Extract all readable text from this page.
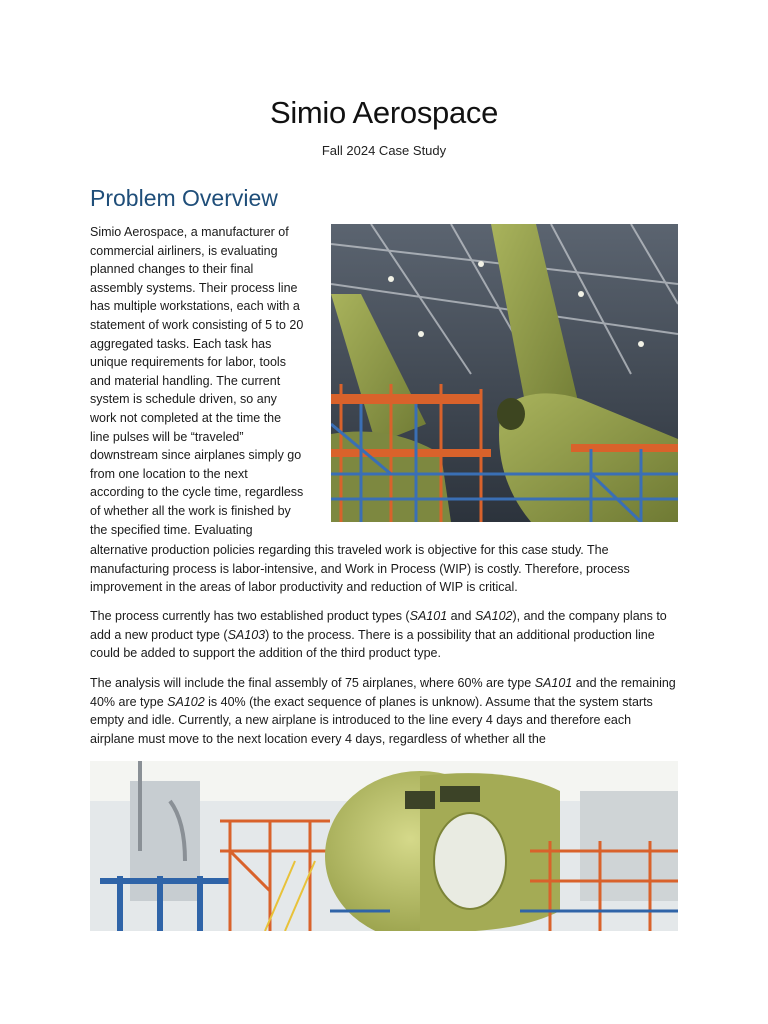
Simio Aerospace
Fall 2024 Case Study
Problem Overview
Simio Aerospace, a manufacturer of
commercial airliners, is evaluating
planned changes to their final
assembly systems. Their process line
has multiple workstations, each with a
statement of work consisting of 5 to 20
aggregated tasks. Each task has
unique requirements for labor, tools
and material handling. The current
system is schedule driven, so any
work not completed at the time the
line pulses will be “traveled”
downstream since airplanes simply go
from one location to the next
according to the cycle time, regardless
of whether all the work is finished by
the specified time. Evaluating
alternative production policies regarding this traveled work is objective for this case study. The manufacturing process is labor-intensive, and Work in Process (WIP) is costly. Therefore, process improvement in the areas of labor productivity and reduction of WIP is critical.
The process currently has two established product types (SA101 and SA102), and the company plans to add a new product type (SA103) to the process. There is a possibility that an additional production line could be added to support the addition of the third product type.
The analysis will include the final assembly of 75 airplanes, where 60% are type SA101 and the remaining 40% are type SA102 is 40% (the exact sequence of planes is unknow). Assume that the system starts empty and idle. Currently, a new airplane is introduced to the line every 4 days and therefore each airplane must move to the next location every 4 days, regardless of whether all the
